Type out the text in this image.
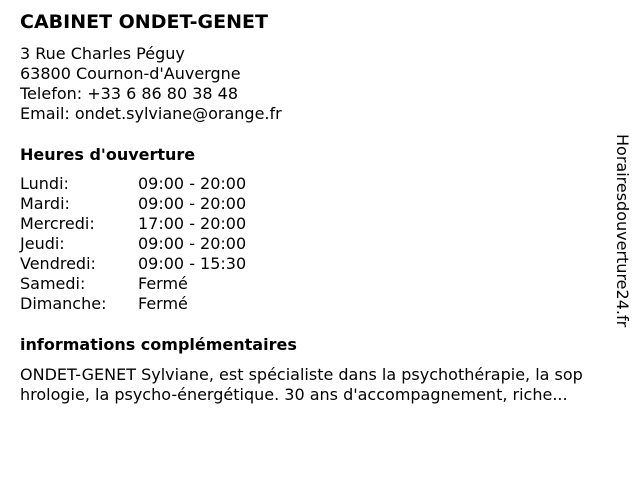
CABINET ONDET-GENET
3 Rue Charles Péguy
63800 Cournon-d'Auvergne
Telefon: +33 6 86 80 38 48
Email: ondet.sylviane@orange.fr
Heures d'ouverture
Lundi:	09:00 - 20:00
Mardi:	09:00 - 20:00
Mercredi:	17:00 - 20:00
Jeudi:	09:00 - 20:00
Vendredi:	09:00 - 15:30
Samedi:	Fermé
Dimanche:	Fermé
informations complémentaires
ONDET-GENET Sylviane, est spécialiste dans la psychothérapie, la sop
hrologie, la psycho-énergétique. 30 ans d'accompagnement, riche...
Horairesdouverture24.fr
